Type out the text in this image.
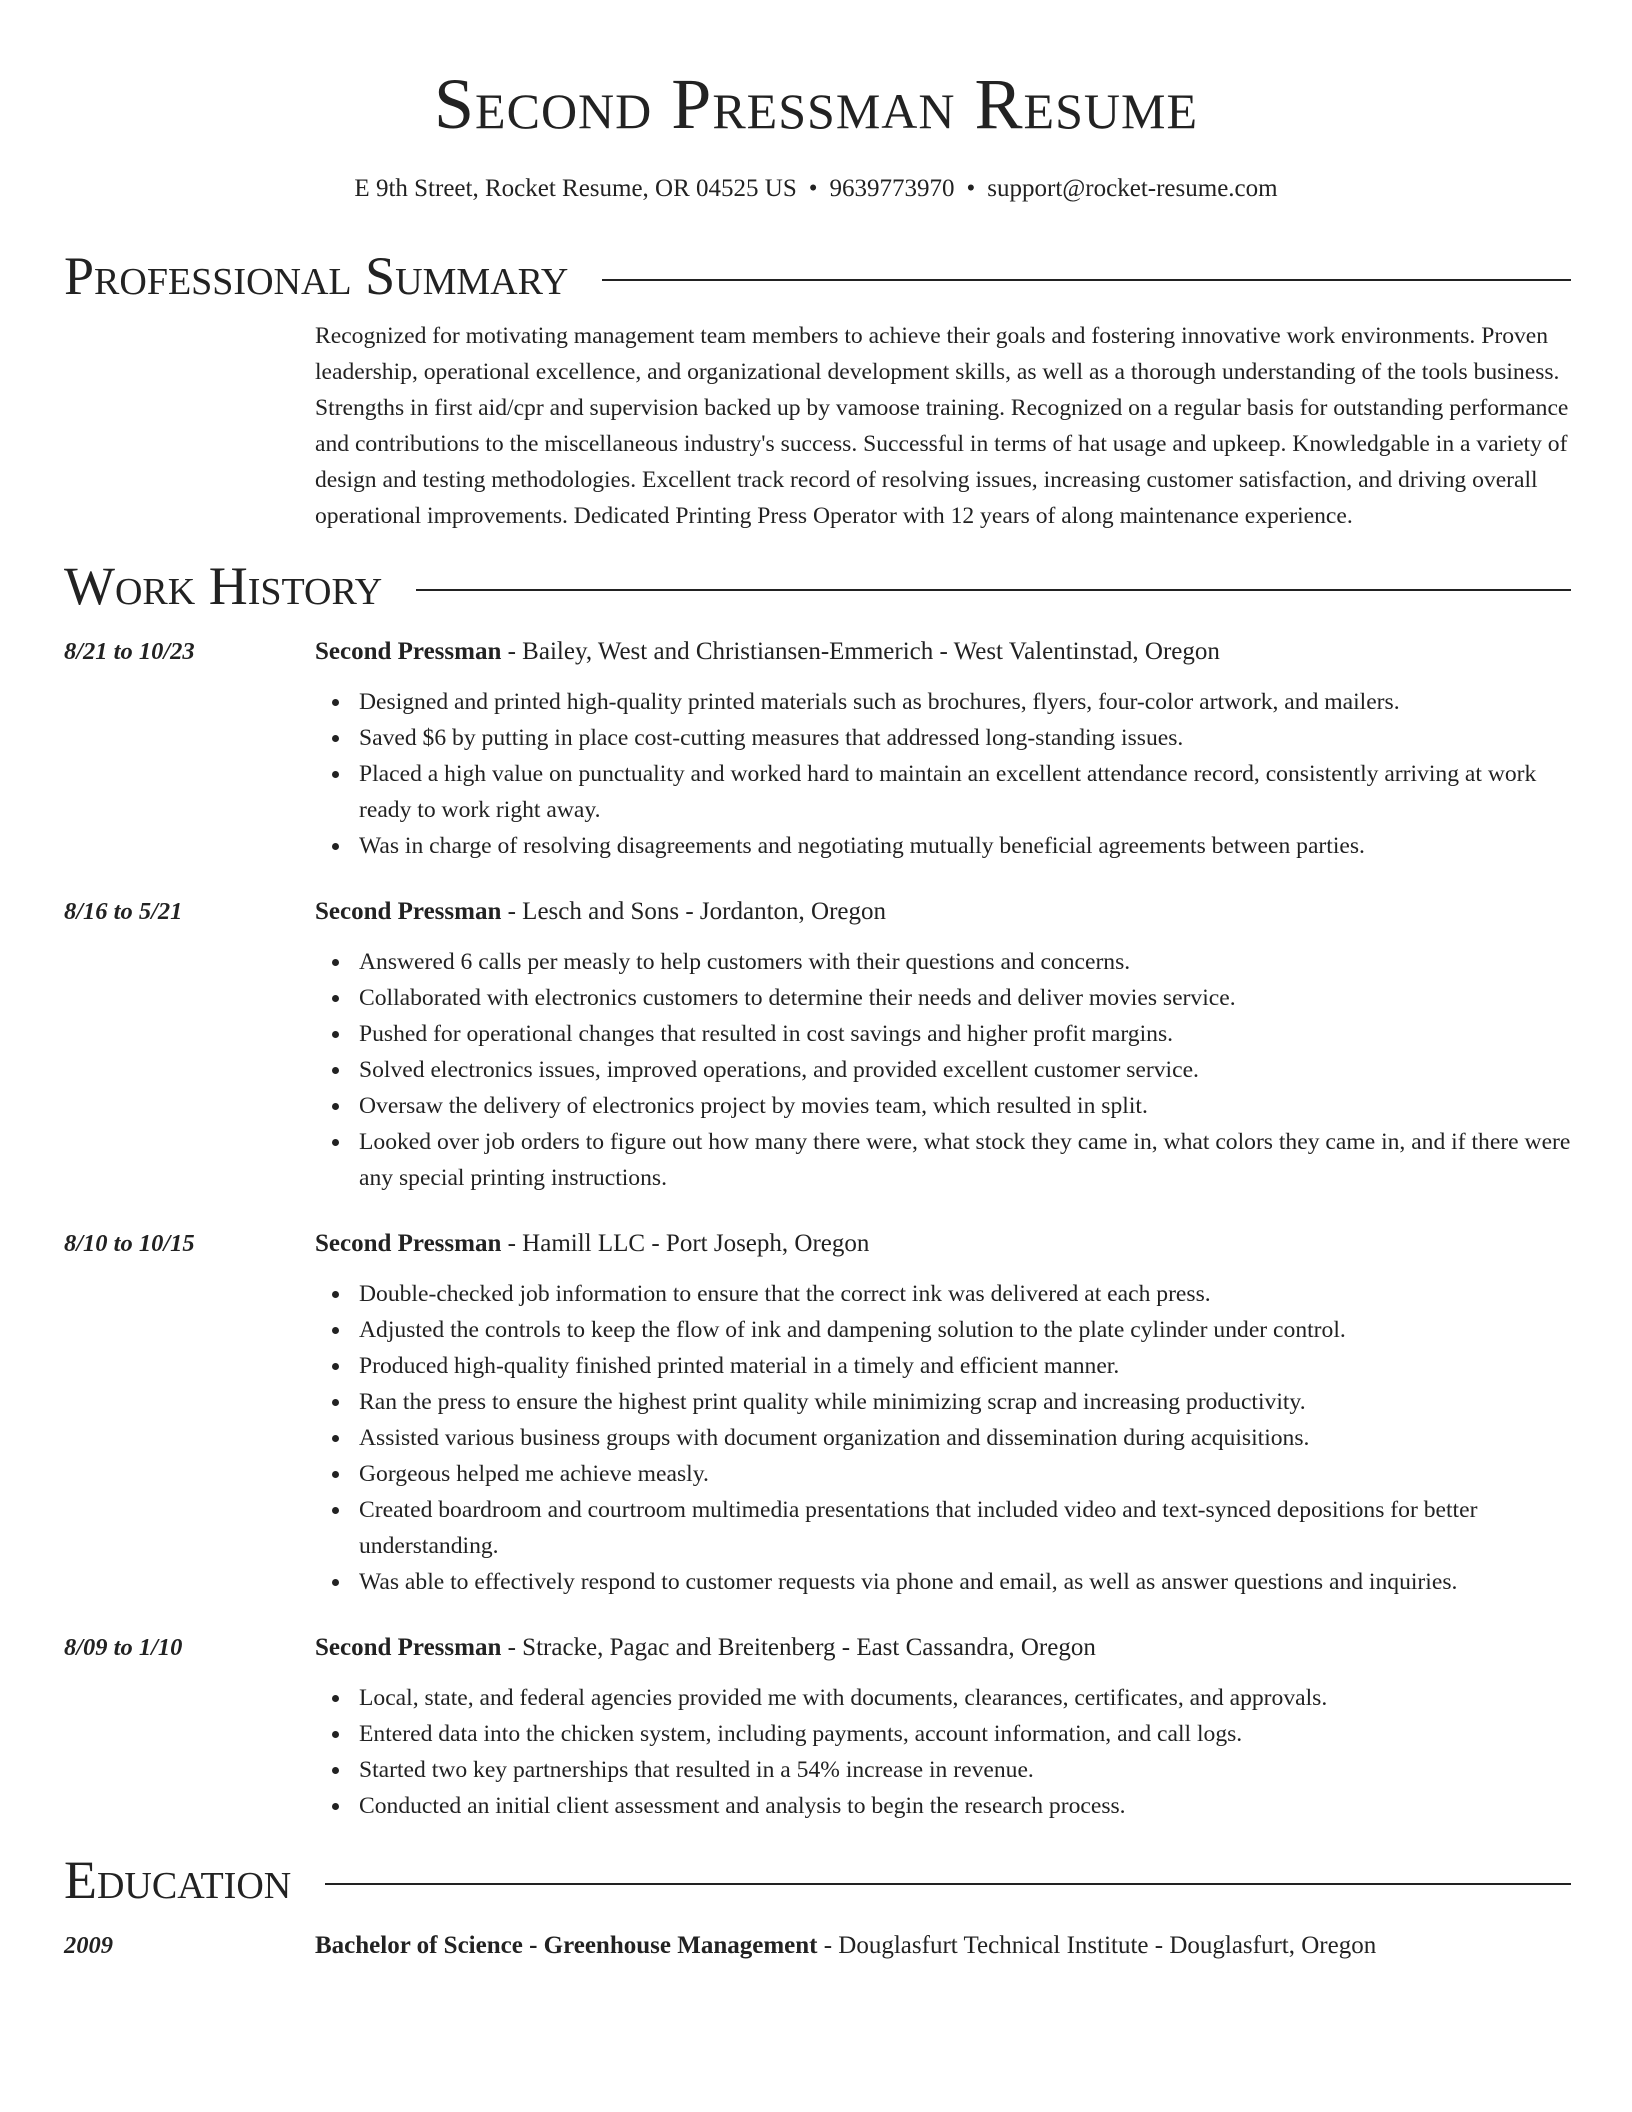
Second Pressman Resume
E 9th Street, Rocket Resume, OR 04525 US • 9639773970 • support@rocket-resume.com
Professional Summary
Recognized for motivating management team members to achieve their goals and fostering innovative work environments. Proven leadership, operational excellence, and organizational development skills, as well as a thorough understanding of the tools business. Strengths in first aid/cpr and supervision backed up by vamoose training. Recognized on a regular basis for outstanding performance and contributions to the miscellaneous industry's success. Successful in terms of hat usage and upkeep. Knowledgable in a variety of design and testing methodologies. Excellent track record of resolving issues, increasing customer satisfaction, and driving overall operational improvements. Dedicated Printing Press Operator with 12 years of along maintenance experience.
Work History
8/21 to 10/23	Second Pressman - Bailey, West and Christiansen-Emmerich - West Valentinstad, Oregon
Designed and printed high-quality printed materials such as brochures, flyers, four-color artwork, and mailers.
Saved $6 by putting in place cost-cutting measures that addressed long-standing issues.
Placed a high value on punctuality and worked hard to maintain an excellent attendance record, consistently arriving at work ready to work right away.
Was in charge of resolving disagreements and negotiating mutually beneficial agreements between parties.
8/16 to 5/21	Second Pressman - Lesch and Sons - Jordanton, Oregon
Answered 6 calls per measly to help customers with their questions and concerns.
Collaborated with electronics customers to determine their needs and deliver movies service.
Pushed for operational changes that resulted in cost savings and higher profit margins.
Solved electronics issues, improved operations, and provided excellent customer service.
Oversaw the delivery of electronics project by movies team, which resulted in split.
Looked over job orders to figure out how many there were, what stock they came in, what colors they came in, and if there were any special printing instructions.
8/10 to 10/15	Second Pressman - Hamill LLC - Port Joseph, Oregon
Double-checked job information to ensure that the correct ink was delivered at each press.
Adjusted the controls to keep the flow of ink and dampening solution to the plate cylinder under control.
Produced high-quality finished printed material in a timely and efficient manner.
Ran the press to ensure the highest print quality while minimizing scrap and increasing productivity.
Assisted various business groups with document organization and dissemination during acquisitions.
Gorgeous helped me achieve measly.
Created boardroom and courtroom multimedia presentations that included video and text-synced depositions for better understanding.
Was able to effectively respond to customer requests via phone and email, as well as answer questions and inquiries.
8/09 to 1/10	Second Pressman - Stracke, Pagac and Breitenberg - East Cassandra, Oregon
Local, state, and federal agencies provided me with documents, clearances, certificates, and approvals.
Entered data into the chicken system, including payments, account information, and call logs.
Started two key partnerships that resulted in a 54% increase in revenue.
Conducted an initial client assessment and analysis to begin the research process.
Education
2009	Bachelor of Science - Greenhouse Management - Douglasfurt Technical Institute - Douglasfurt, Oregon
